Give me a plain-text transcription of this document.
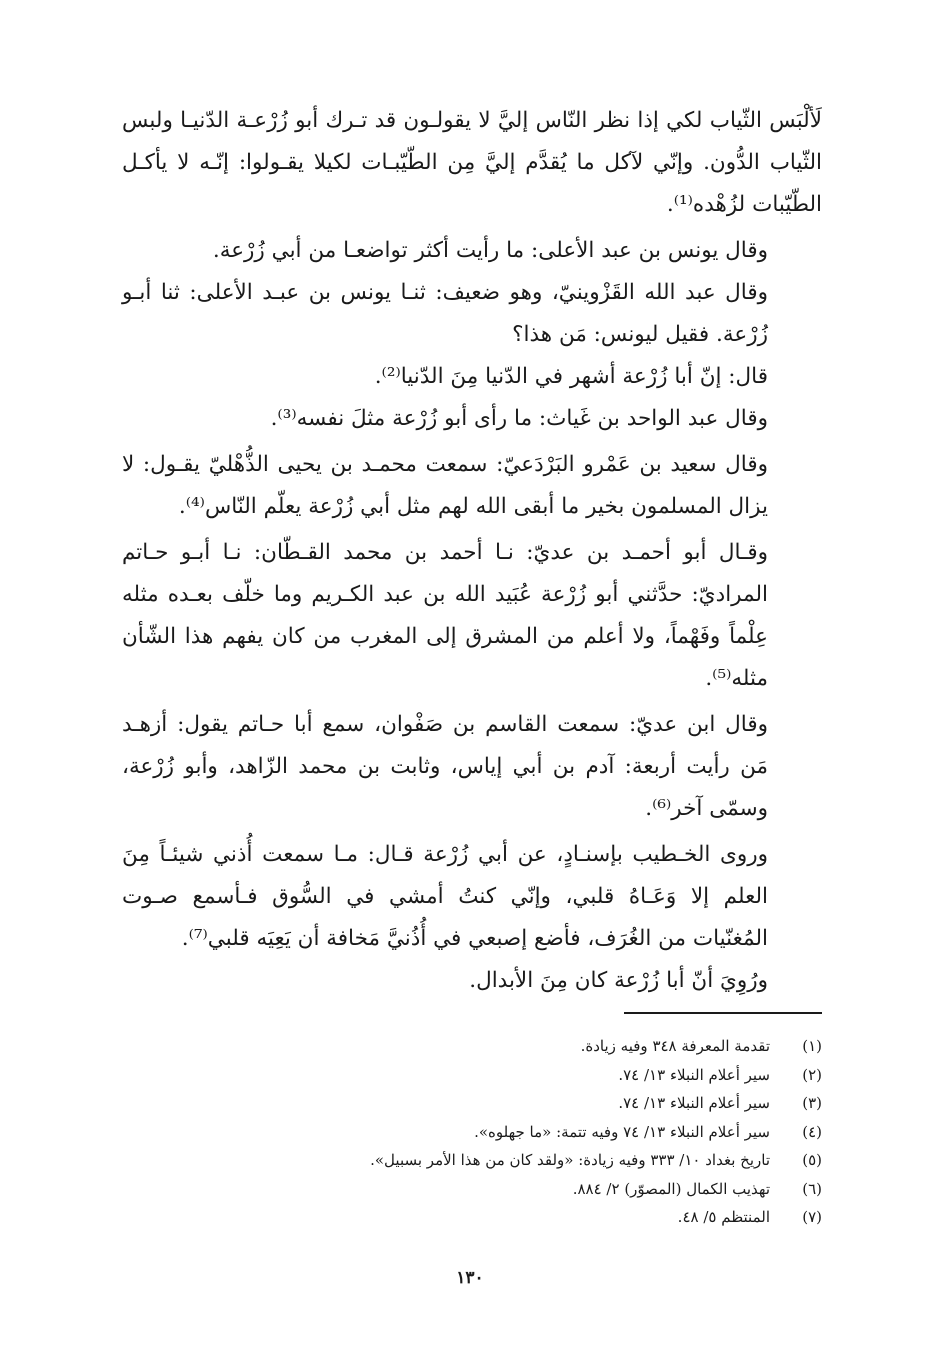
لَألْبَس الثّياب لكي إذا نظر النّاس إليَّ لا يقولـون قد تـرك أبو زُرْعـة الدّنيـا ولبس الثّياب الدُّون. وإنّي لآكل ما يُقدَّم إليَّ مِن الطّيّبـات لكيلا يقـولوا: إنّـه لا يأكـل الطّيّبات لزُهْده⁽¹⁾.

وقال يونس بن عبد الأعلى: ما رأيت أكثر تواضعـا من أبي زُرْعة.

وقال عبد الله القَزْوينيّ، وهو ضعيف: ثنـا يونس بن عبـد الأعلى: ثنا أبـو زُرْعة. فقيل ليونس: مَن هذا؟

قال: إنّ أبا زُرْعة أشهر في الدّنيا مِنَ الدّنيا⁽²⁾.

وقال عبد الواحد بن غَياث: ما رأى أبو زُرْعة مثلَ نفسه⁽³⁾.

وقال سعيد بن عَمْرو البَرْدَعيّ: سمعت محمـد بن يحيى الذُّهْليّ يقـول: لا يزال المسلمون بخير ما أبقى الله لهم مثل أبي زُرْعة يعلّم النّاس⁽⁴⁾.

وقـال أبو أحمـد بن عديّ: نـا أحمد بن محمد القـطّان: نـا أبـو حـاتم المراديّ: حدَّثني أبو زُرْعة عُبَيد الله بن عبد الكـريم وما خلّف بعـده مثله عِلْماً وفَهْماً، ولا أعلم من المشرق إلى المغرب من كان يفهم هذا الشّأن مثله⁽⁵⁾.

وقال ابن عديّ: سمعت القاسم بن صَفْوان، سمع أبا حـاتم يقول: أزهـد مَن رأيت أربعة: آدم بن أبي إياس، وثابت بن محمد الزّاهد، وأبو زُرْعة، وسمّى آخر⁽⁶⁾.

وروى الخـطيب بإسنـادٍ، عن أبي زُرْعة قـال: مـا سمعت أُذني شيئـاً مِنَ العلم إلا وَعَـاهُ قلبي، وإنّي كنتُ أمشي في السُّوق فـأسمع صـوت المُغنّيات من الغُرَف، فأضع إصبعي في أُذُنيَّ مَخافة أن يَعِيَه قلبي⁽⁷⁾.

ورُوِيَ أنّ أبا زُرْعة كان مِنَ الأبدال.

(١)
تقدمة المعرفة ٣٤٨ وفيه زيادة.
(٢)
سير أعلام النبلاء ١٣/ ٧٤.
(٣)
سير أعلام النبلاء ١٣/ ٧٤.
(٤)
سير أعلام النبلاء ١٣/ ٧٤ وفيه تتمة: «ما جهلوه».
(٥)
تاريخ بغداد ١٠/ ٣٣٣ وفيه زيادة: «ولقد كان من هذا الأمر بسبيل».
(٦)
تهذيب الكمال (المصوّر) ٢/ ٨٨٤.
(٧)
المنتظم ٥/ ٤٨.
١٣٠
